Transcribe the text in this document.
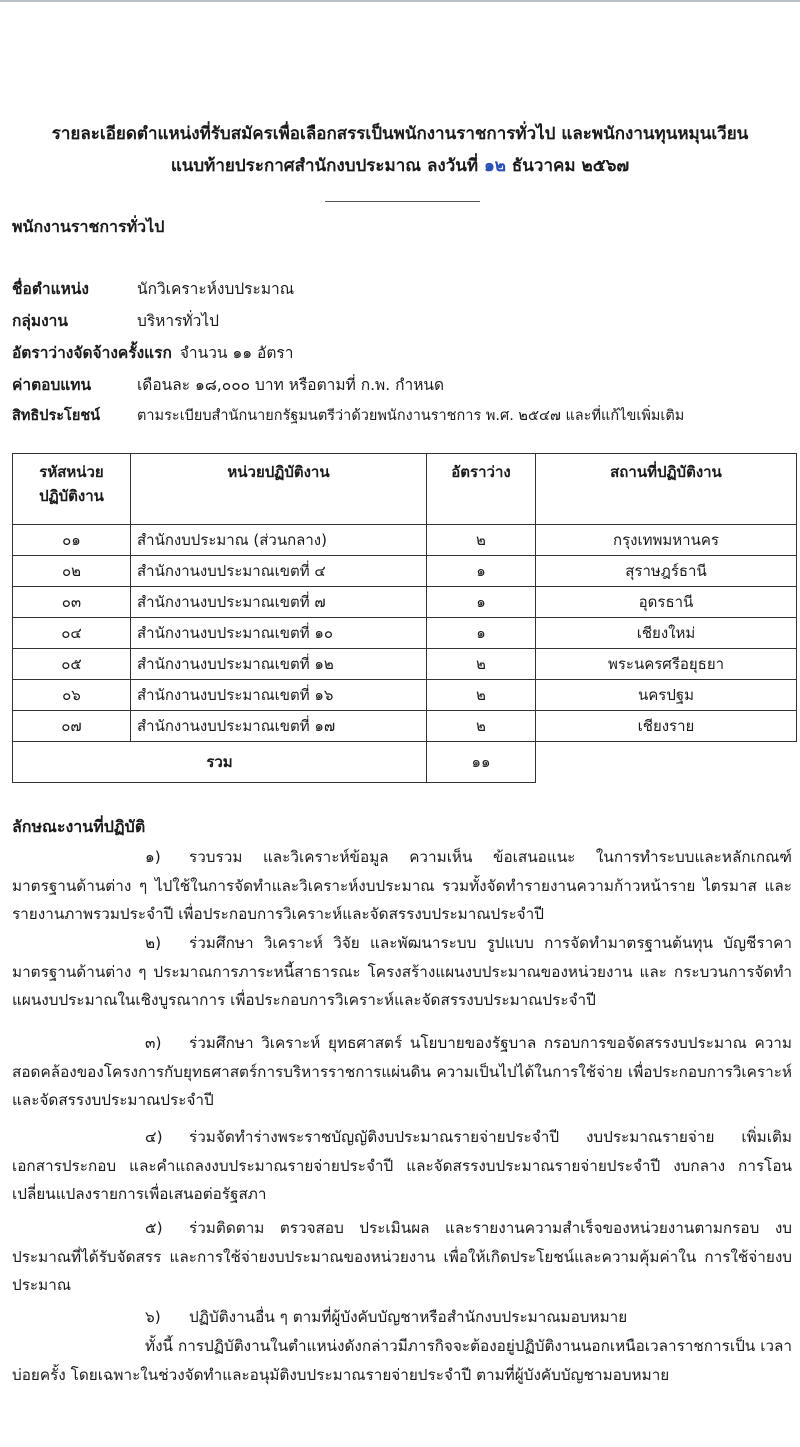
รายละเอียดตำแหน่งที่รับสมัครเพื่อเลือกสรรเป็นพนักงานราชการทั่วไป และพนักงานทุนหมุนเวียน
แนบท้ายประกาศสำนักงบประมาณ ลงวันที่ ๑๒ ธันวาคม ๒๕๖๗
พนักงานราชการทั่วไป
ชื่อตำแหน่ง	นักวิเคราะห์งบประมาณ
กลุ่มงาน	บริหารทั่วไป
อัตราว่างจัดจ้างครั้งแรก จำนวน ๑๑ อัตรา
ค่าตอบแทน	เดือนละ ๑๘,๐๐๐ บาท หรือตามที่ ก.พ. กำหนด
สิทธิประโยชน์	ตามระเบียบสำนักนายกรัฐมนตรีว่าด้วยพนักงานราชการ พ.ศ. ๒๕๔๗ และที่แก้ไขเพิ่มเติม
รหัสหน่วย
ปฏิบัติงาน	หน่วยปฏิบัติงาน	อัตราว่าง	สถานที่ปฏิบัติงาน
๐๑	สำนักงบประมาณ (ส่วนกลาง)	๒	กรุงเทพมหานคร
๐๒	สำนักงานงบประมาณเขตที่ ๔	๑	สุราษฎร์ธานี
๐๓	สำนักงานงบประมาณเขตที่ ๗	๑	อุดรธานี
๐๔	สำนักงานงบประมาณเขตที่ ๑๐	๑	เชียงใหม่
๐๕	สำนักงานงบประมาณเขตที่ ๑๒	๒	พระนครศรีอยุธยา
๐๖	สำนักงานงบประมาณเขตที่ ๑๖	๒	นครปฐม
๐๗	สำนักงานงบประมาณเขตที่ ๑๗	๒	เชียงราย
รวม		๑๑	
ลักษณะงานที่ปฏิบัติ
๑) รวบรวม และวิเคราะห์ข้อมูล ความเห็น ข้อเสนอแนะ ในการทำระบบและหลักเกณฑ์ มาตรฐานด้านต่าง ๆ ไปใช้ในการจัดทำและวิเคราะห์งบประมาณ รวมทั้งจัดทำรายงานความก้าวหน้าราย ไตรมาส และรายงานภาพรวมประจำปี เพื่อประกอบการวิเคราะห์และจัดสรรงบประมาณประจำปี
๒) ร่วมศึกษา วิเคราะห์ วิจัย และพัฒนาระบบ รูปแบบ การจัดทำมาตรฐานต้นทุน บัญชีราคา มาตรฐานด้านต่าง ๆ ประมาณการภาระหนี้สาธารณะ โครงสร้างแผนงบประมาณของหน่วยงาน และ กระบวนการจัดทำแผนงบประมาณในเชิงบูรณาการ เพื่อประกอบการวิเคราะห์และจัดสรรงบประมาณประจำปี
๓) ร่วมศึกษา วิเคราะห์ ยุทธศาสตร์ นโยบายของรัฐบาล กรอบการขอจัดสรรงบประมาณ ความสอดคล้องของโครงการกับยุทธศาสตร์การบริหารราชการแผ่นดิน ความเป็นไปได้ในการใช้จ่าย เพื่อประกอบการวิเคราะห์และจัดสรรงบประมาณประจำปี
๔) ร่วมจัดทำร่างพระราชบัญญัติงบประมาณรายจ่ายประจำปี งบประมาณรายจ่าย เพิ่มเติม เอกสารประกอบ และคำแถลงงบประมาณรายจ่ายประจำปี และจัดสรรงบประมาณรายจ่ายประจำปี งบกลาง การโอนเปลี่ยนแปลงรายการเพื่อเสนอต่อรัฐสภา
๕) ร่วมติดตาม ตรวจสอบ ประเมินผล และรายงานความสำเร็จของหน่วยงานตามกรอบ งบประมาณที่ได้รับจัดสรร และการใช้จ่ายงบประมาณของหน่วยงาน เพื่อให้เกิดประโยชน์และความคุ้มค่าใน การใช้จ่ายงบประมาณ
๖) ปฏิบัติงานอื่น ๆ ตามที่ผู้บังคับบัญชาหรือสำนักงบประมาณมอบหมาย
ทั้งนี้ การปฏิบัติงานในตำแหน่งดังกล่าวมีภารกิจจะต้องอยู่ปฏิบัติงานนอกเหนือเวลาราชการเป็น เวลาบ่อยครั้ง โดยเฉพาะในช่วงจัดทำและอนุมัติงบประมาณรายจ่ายประจำปี ตามที่ผู้บังคับบัญชามอบหมาย
